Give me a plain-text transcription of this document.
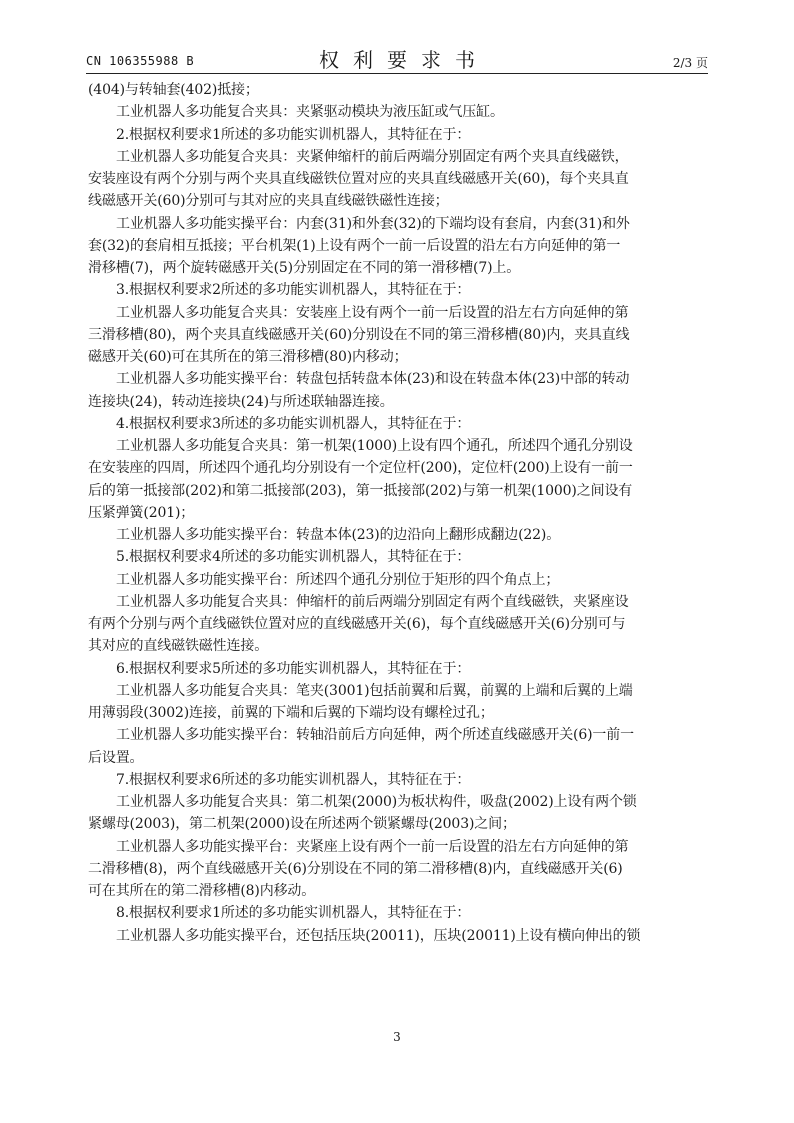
CN 106355988 B	权利要求书	2/3 页
(404)与转轴套(402)抵接；
工业机器人多功能复合夹具：夹紧驱动模块为液压缸或气压缸。
2.根据权利要求1所述的多功能实训机器人，其特征在于：
工业机器人多功能复合夹具：夹紧伸缩杆的前后两端分别固定有两个夹具直线磁铁，
安装座设有两个分别与两个夹具直线磁铁位置对应的夹具直线磁感开关(60)，每个夹具直
线磁感开关(60)分别可与其对应的夹具直线磁铁磁性连接；
工业机器人多功能实操平台：内套(31)和外套(32)的下端均设有套肩，内套(31)和外
套(32)的套肩相互抵接；平台机架(1)上设有两个一前一后设置的沿左右方向延伸的第一
滑移槽(7)，两个旋转磁感开关(5)分别固定在不同的第一滑移槽(7)上。
3.根据权利要求2所述的多功能实训机器人，其特征在于：
工业机器人多功能复合夹具：安装座上设有两个一前一后设置的沿左右方向延伸的第
三滑移槽(80)，两个夹具直线磁感开关(60)分别设在不同的第三滑移槽(80)内，夹具直线
磁感开关(60)可在其所在的第三滑移槽(80)内移动；
工业机器人多功能实操平台：转盘包括转盘本体(23)和设在转盘本体(23)中部的转动
连接块(24)，转动连接块(24)与所述联轴器连接。
4.根据权利要求3所述的多功能实训机器人，其特征在于：
工业机器人多功能复合夹具：第一机架(1000)上设有四个通孔，所述四个通孔分别设
在安装座的四周，所述四个通孔均分别设有一个定位杆(200)，定位杆(200)上设有一前一
后的第一抵接部(202)和第二抵接部(203)，第一抵接部(202)与第一机架(1000)之间设有
压紧弹簧(201)；
工业机器人多功能实操平台：转盘本体(23)的边沿向上翻形成翻边(22)。
5.根据权利要求4所述的多功能实训机器人，其特征在于：
工业机器人多功能实操平台：所述四个通孔分别位于矩形的四个角点上；
工业机器人多功能复合夹具：伸缩杆的前后两端分别固定有两个直线磁铁，夹紧座设
有两个分别与两个直线磁铁位置对应的直线磁感开关(6)，每个直线磁感开关(6)分别可与
其对应的直线磁铁磁性连接。
6.根据权利要求5所述的多功能实训机器人，其特征在于：
工业机器人多功能复合夹具：笔夹(3001)包括前翼和后翼，前翼的上端和后翼的上端
用薄弱段(3002)连接，前翼的下端和后翼的下端均设有螺栓过孔；
工业机器人多功能实操平台：转轴沿前后方向延伸，两个所述直线磁感开关(6)一前一
后设置。
7.根据权利要求6所述的多功能实训机器人，其特征在于：
工业机器人多功能复合夹具：第二机架(2000)为板状构件，吸盘(2002)上设有两个锁
紧螺母(2003)，第二机架(2000)设在所述两个锁紧螺母(2003)之间；
工业机器人多功能实操平台：夹紧座上设有两个一前一后设置的沿左右方向延伸的第
二滑移槽(8)，两个直线磁感开关(6)分别设在不同的第二滑移槽(8)内，直线磁感开关(6)
可在其所在的第二滑移槽(8)内移动。
8.根据权利要求1所述的多功能实训机器人，其特征在于：
工业机器人多功能实操平台，还包括压块(20011)，压块(20011)上设有横向伸出的锁
3
